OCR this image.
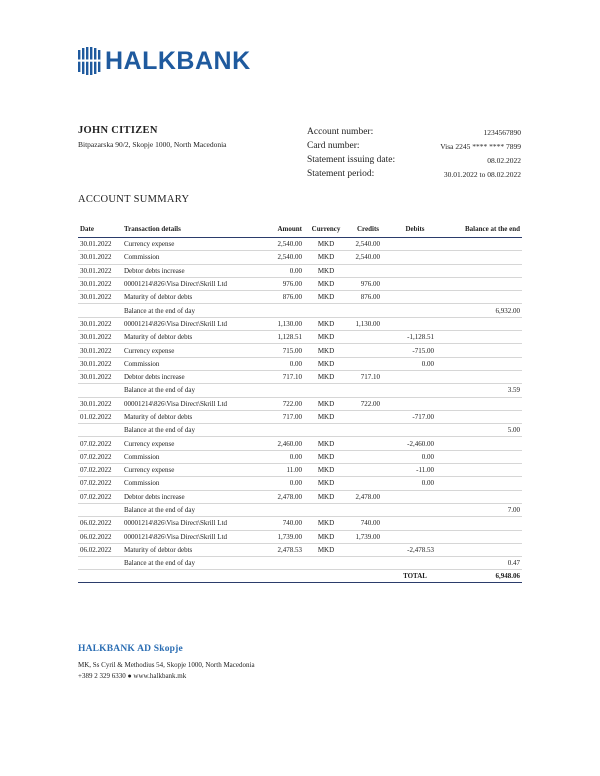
HALKBANK
JOHN CITIZEN
Bitpazarska 90/2, Skopje 1000, North Macedonia
Account number:	1234567890
Card number:	Visa 2245 **** **** 7899
Statement issuing date:	08.02.2022
Statement period:	30.01.2022 to 08.02.2022
ACCOUNT SUMMARY
Date	Transaction details	Amount	Currency	Credits	Debits	Balance at the end
30.01.2022	Currency expense	2,540.00	MKD	2,540.00		
30.01.2022	Commission	2,540.00	MKD	2,540.00		
30.01.2022	Debtor debts increase	0.00	MKD			
30.01.2022	00001214\826\Visa Direct\Skrill Ltd	976.00	MKD	976.00		
30.01.2022	Maturity of debtor debts	876.00	MKD	876.00		
	Balance at the end of day					6,932.00
30.01.2022	00001214\826\Visa Direct\Skrill Ltd	1,130.00	MKD	1,130.00		
30.01.2022	Maturity of debtor debts	1,128.51	MKD		-1,128.51	
30.01.2022	Currency expense	715.00	MKD		-715.00	
30.01.2022	Commission	0.00	MKD		0.00	
30.01.2022	Debtor debts increase	717.10	MKD	717.10		
	Balance at the end of day					3.59
30.01.2022	00001214\826\Visa Direct\Skrill Ltd	722.00	MKD	722.00		
01.02.2022	Maturity of debtor debts	717.00	MKD		-717.00	
	Balance at the end of day					5.00
07.02.2022	Currency expense	2,460.00	MKD		-2,460.00	
07.02.2022	Commission	0.00	MKD		0.00	
07.02.2022	Currency expense	11.00	MKD		-11.00	
07.02.2022	Commission	0.00	MKD		0.00	
07.02.2022	Debtor debts increase	2,478.00	MKD	2,478.00		
	Balance at the end of day					7.00
06.02.2022	00001214\826\Visa Direct\Skrill Ltd	740.00	MKD	740.00		
06.02.2022	00001214\826\Visa Direct\Skrill Ltd	1,739.00	MKD	1,739.00		
06.02.2022	Maturity of debtor debts	2,478.53	MKD		-2,478.53	
	Balance at the end of day					0.47
					TOTAL	6,948.06
HALKBANK AD Skopje
MK, Ss Cyril & Methodius 54, Skopje 1000, North Macedonia
+389 2 329 6330 ● www.halkbank.mk
